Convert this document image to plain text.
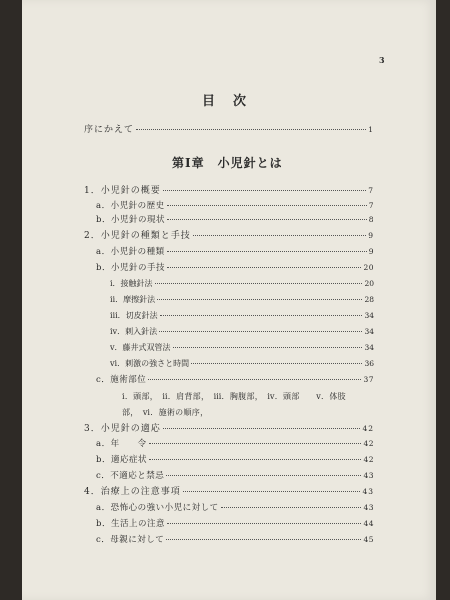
3
目次
序にかえて	1
第Ⅰ章　小児針とは
1．小児針の概要	7
a．小児針の歴史	7
b．小児針の現状	8
2．小児針の種類と手技	9
a．小児針の種類	9
b．小児針の手技	20
ⅰ．接触針法	20
ⅱ．摩擦針法	28
ⅲ．切皮針法	34
ⅳ．刺入針法	34
ⅴ．藤井式双管法	34
ⅵ．刺激の強さと時間	36
c．施術部位	37
ⅰ．頭部，　ⅱ．肩背部，　ⅲ．胸腹部，　ⅳ．頭部　　ⅴ．体肢
部，　ⅵ．施術の順序，
3．小児針の適応	42
a．年　　令	42
b．適応症状	42
c．不適応と禁忌	43
4．治療上の注意事項	43
a．恐怖心の強い小児に対して	43
b．生活上の注意	44
c．母親に対して	45
